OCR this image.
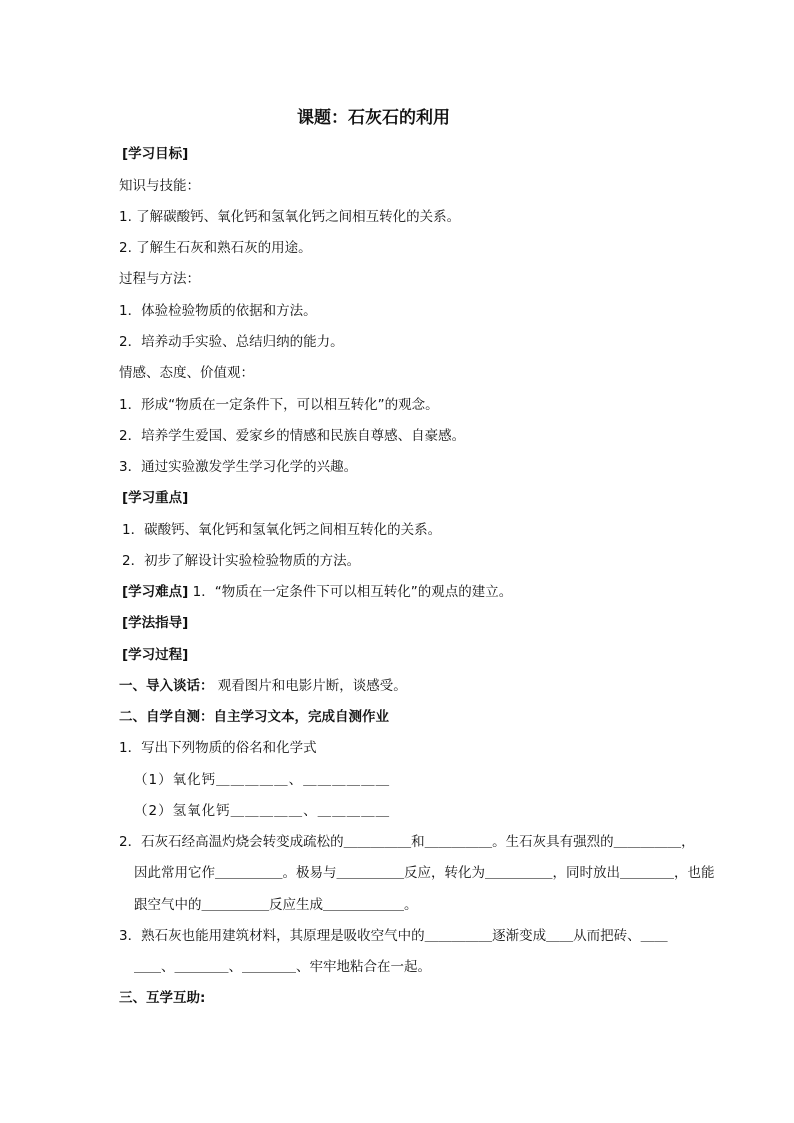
课题：石灰石的利用
[学习目标]
知识与技能：
1. 了解碳酸钙、氧化钙和氢氧化钙之间相互转化的关系。
2. 了解生石灰和熟石灰的用途。
过程与方法：
1．体验检验物质的依据和方法。
2．培养动手实验、总结归纳的能力。
情感、态度、价值观：
1．形成“物质在一定条件下，可以相互转化”的观念。
2．培养学生爱国、爱家乡的情感和民族自尊感、自豪感。
3．通过实验激发学生学习化学的兴趣。
[学习重点]
1．碳酸钙、氧化钙和氢氧化钙之间相互转化的关系。
2．初步了解设计实验检验物质的方法。
[学习难点] 1．“物质在一定条件下可以相互转化”的观点的建立。
[学法指导]
[学习过程]
一、导入谈话： 观看图片和电影片断，谈感受。
二、自学自测：自主学习文本，完成自测作业
1．写出下列物质的俗名和化学式
（1）氧化钙＿＿＿＿＿、＿＿＿＿＿＿
（2）氢氧化钙＿＿＿＿＿、＿＿＿＿＿
2．石灰石经高温灼烧会转变成疏松的＿＿＿＿＿和＿＿＿＿＿。生石灰具有强烈的＿＿＿＿＿，
因此常用它作＿＿＿＿＿。极易与＿＿＿＿＿反应，转化为＿＿＿＿＿，同时放出＿＿＿＿，也能
跟空气中的＿＿＿＿＿反应生成＿＿＿＿＿＿。
3．熟石灰也能用建筑材料，其原理是吸收空气中的＿＿＿＿＿逐渐变成＿＿从而把砖、＿＿
＿＿、＿＿＿＿、＿＿＿＿、牢牢地粘合在一起。
三、互学互助:
